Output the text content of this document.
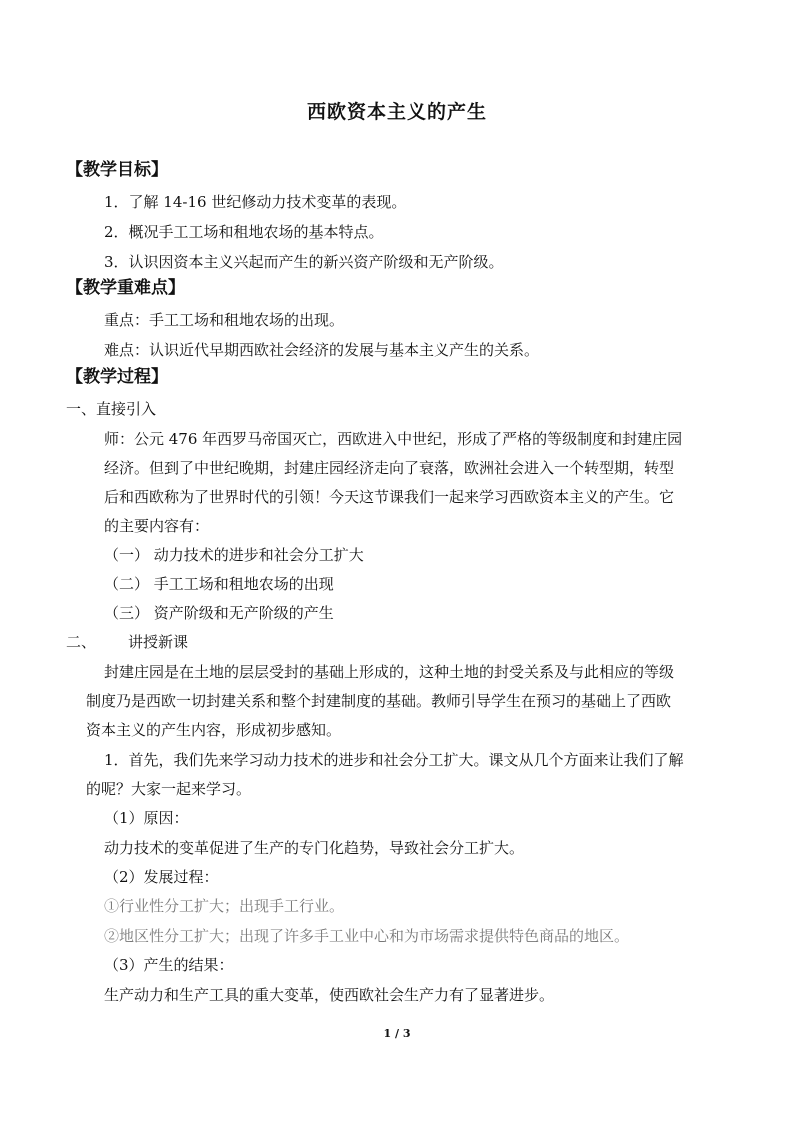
西欧资本主义的产生
【教学目标】
1．了解 14-16 世纪修动力技术变革的表现。
2．概况手工工场和租地农场的基本特点。
3．认识因资本主义兴起而产生的新兴资产阶级和无产阶级。
【教学重难点】
重点：手工工场和租地农场的出现。
难点：认识近代早期西欧社会经济的发展与基本主义产生的关系。
【教学过程】
一、直接引入
师：公元 476 年西罗马帝国灭亡，西欧进入中世纪，形成了严格的等级制度和封建庄园
经济。但到了中世纪晚期，封建庄园经济走向了衰落，欧洲社会进入一个转型期，转型
后和西欧称为了世界时代的引领！今天这节课我们一起来学习西欧资本主义的产生。它
的主要内容有：
（一） 动力技术的进步和社会分工扩大
（二） 手工工场和租地农场的出现
（三） 资产阶级和无产阶级的产生
二、 讲授新课
封建庄园是在土地的层层受封的基础上形成的，这种土地的封受关系及与此相应的等级
制度乃是西欧一切封建关系和整个封建制度的基础。教师引导学生在预习的基础上了西欧
资本主义的产生内容，形成初步感知。
1．首先，我们先来学习动力技术的进步和社会分工扩大。课文从几个方面来让我们了解
的呢？大家一起来学习。
（1）原因：
动力技术的变革促进了生产的专门化趋势，导致社会分工扩大。
（2）发展过程：
①行业性分工扩大；出现手工行业。
②地区性分工扩大；出现了许多手工业中心和为市场需求提供特色商品的地区。
（3）产生的结果：
生产动力和生产工具的重大变革，使西欧社会生产力有了显著进步。
1 / 3
